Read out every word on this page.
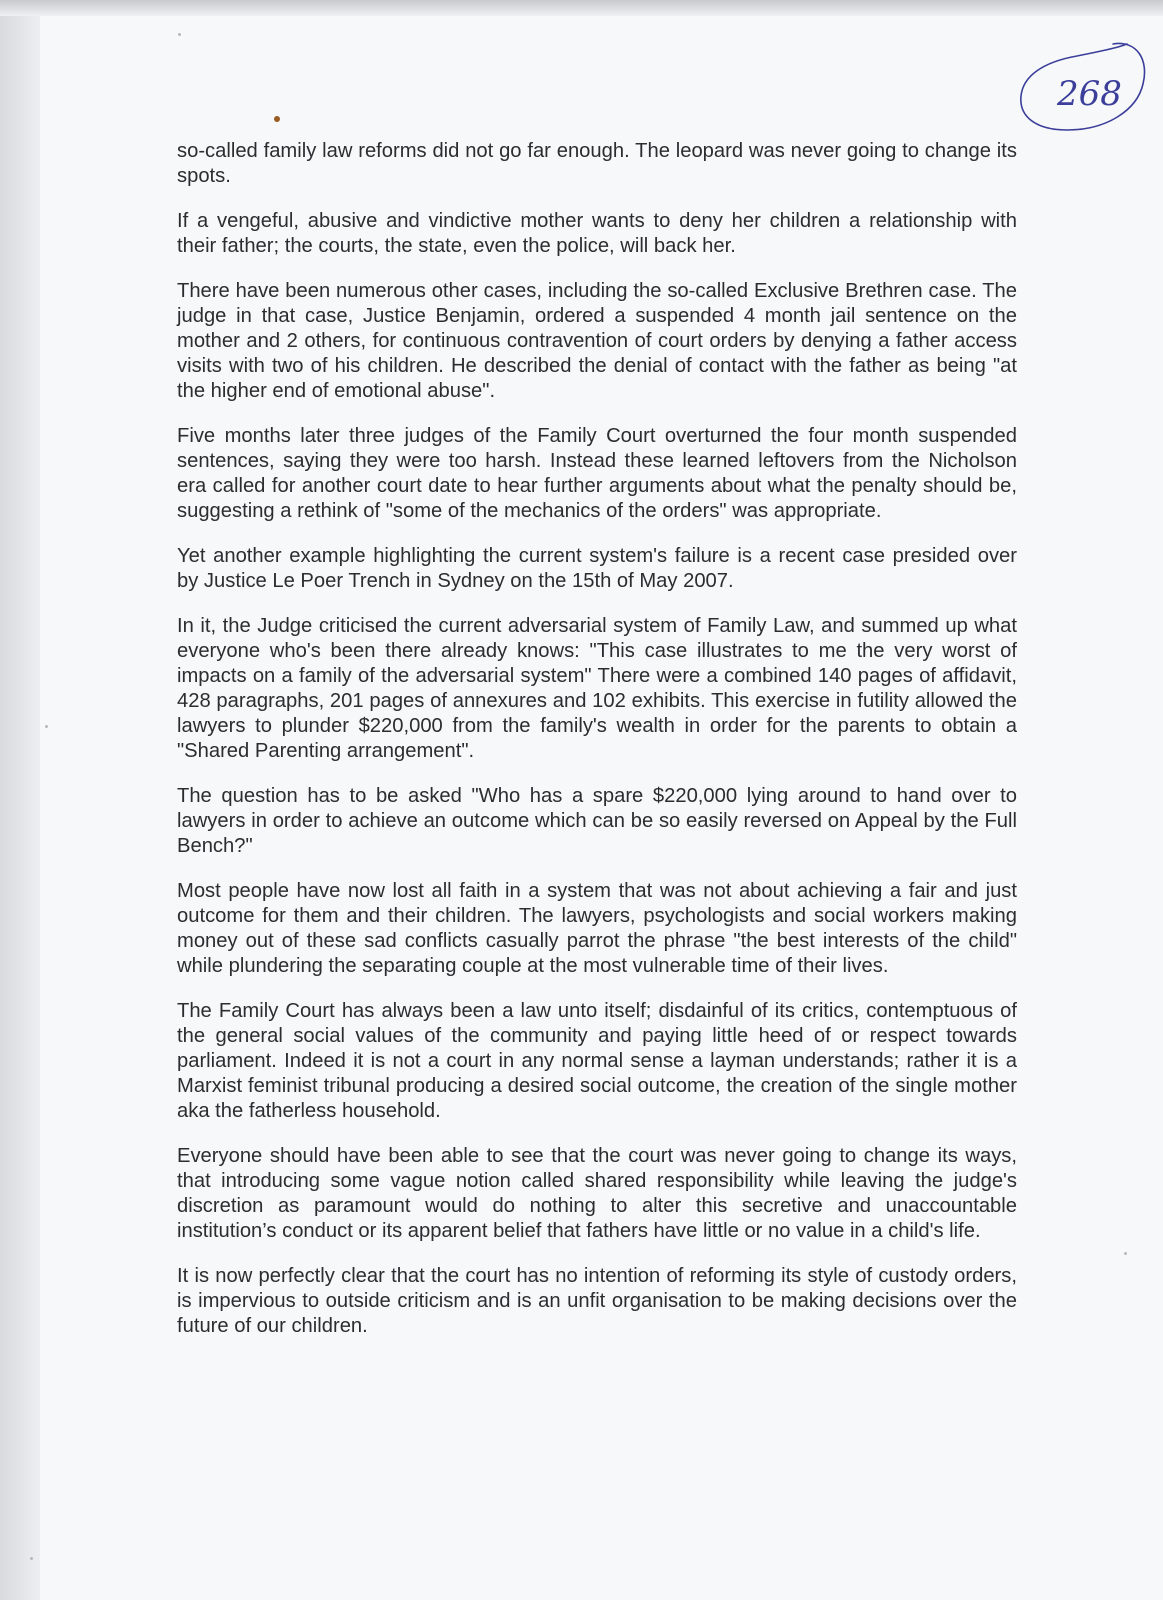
268

so-called family law reforms did not go far enough. The leopard was never going to change its spots.

If a vengeful, abusive and vindictive mother wants to deny her children a relationship with their father; the courts, the state, even the police, will back her.

There have been numerous other cases, including the so-called Exclusive Brethren case. The judge in that case, Justice Benjamin, ordered a suspended 4 month jail sentence on the mother and 2 others, for continuous contravention of court orders by denying a father access visits with two of his children. He described the denial of contact with the father as being "at the higher end of emotional abuse".

Five months later three judges of the Family Court overturned the four month suspended sentences, saying they were too harsh. Instead these learned leftovers from the Nicholson era called for another court date to hear further arguments about what the penalty should be, suggesting a rethink of "some of the mechanics of the orders" was appropriate.

Yet another example highlighting the current system's failure is a recent case presided over by Justice Le Poer Trench in Sydney on the 15th of May 2007.

In it, the Judge criticised the current adversarial system of Family Law, and summed up what everyone who's been there already knows: "This case illustrates to me the very worst of impacts on a family of the adversarial system" There were a combined 140 pages of affidavit, 428 paragraphs, 201 pages of annexures and 102 exhibits. This exercise in futility allowed the lawyers to plunder $220,000 from the family's wealth in order for the parents to obtain a "Shared Parenting arrangement".

The question has to be asked "Who has a spare $220,000 lying around to hand over to lawyers in order to achieve an outcome which can be so easily reversed on Appeal by the Full Bench?"

Most people have now lost all faith in a system that was not about achieving a fair and just outcome for them and their children. The lawyers, psychologists and social workers making money out of these sad conflicts casually parrot the phrase "the best interests of the child" while plundering the separating couple at the most vulnerable time of their lives.

The Family Court has always been a law unto itself; disdainful of its critics, contemptuous of the general social values of the community and paying little heed of or respect towards parliament. Indeed it is not a court in any normal sense a layman understands; rather it is a Marxist feminist tribunal producing a desired social outcome, the creation of the single mother aka the fatherless household.

Everyone should have been able to see that the court was never going to change its ways, that introducing some vague notion called shared responsibility while leaving the judge's discretion as paramount would do nothing to alter this secretive and unaccountable institution’s conduct or its apparent belief that fathers have little or no value in a child's life.

It is now perfectly clear that the court has no intention of reforming its style of custody orders, is impervious to outside criticism and is an unfit organisation to be making decisions over the future of our children.
